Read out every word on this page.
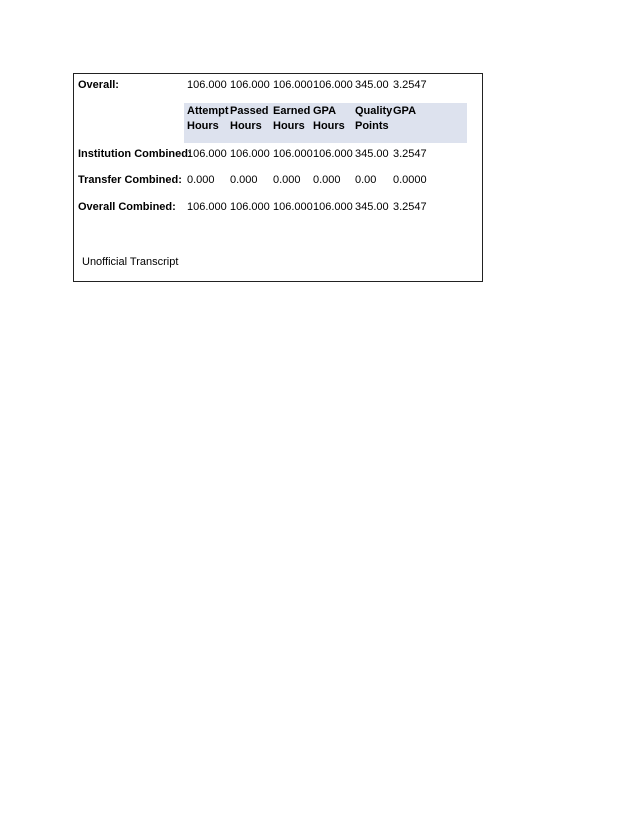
Overall:	106.000 106.000 106.000 106.000 345.00 3.2547
Attempt
Hours
Passed
Hours
Earned
Hours
GPA
Hours
Quality
Points
GPA
Institution Combined:
106.000 106.000 106.000 106.000 345.00 3.2547
Transfer Combined: 0.000 0.000 0.000 0.000 0.00 0.0000
Overall Combined: 106.000 106.000 106.000 106.000 345.00 3.2547
Unofficial Transcript
